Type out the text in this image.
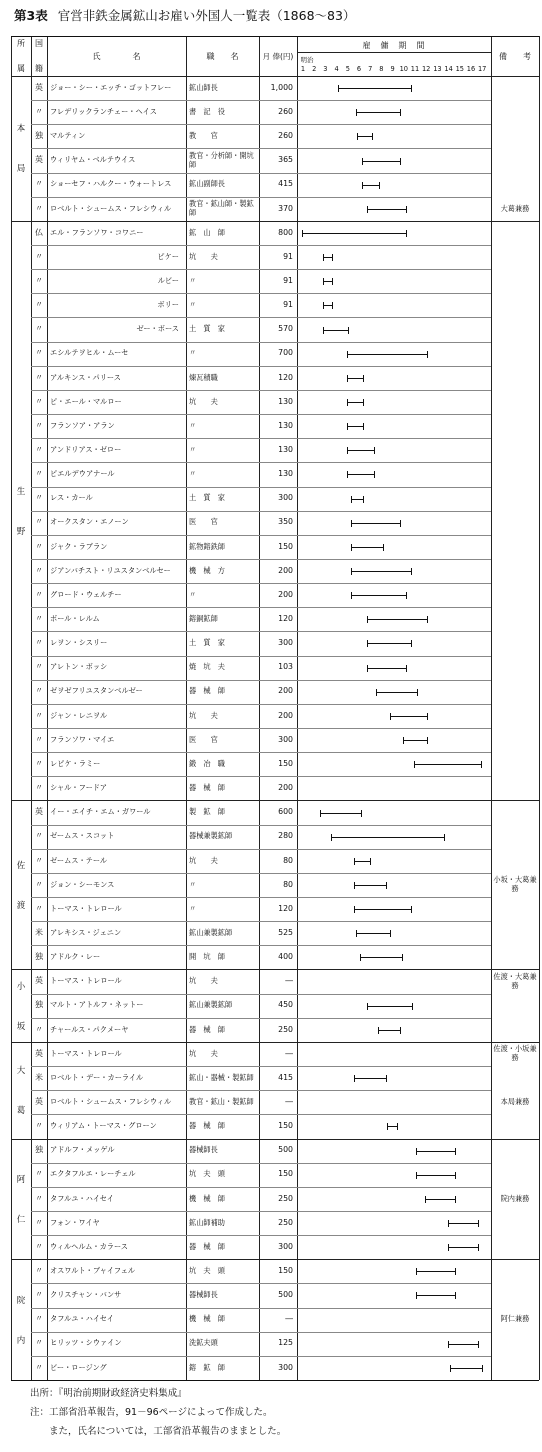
第3表 官営非鉄金属鉱山お雇い外国人一覧表（1868～83）
所
属
国
籍
氏　　　　名	職　　名	月 俸(円)
雇　傭　期　間
明治
1	2	3	4	5	6	7	8	9 10 11 12 13 14 15 16 17
備　　考
本
局
英 ジョー・シー・エッチ・ゴットフレー	鉱山師長	1,000
〃 フレデリックランチェー・ヘイス	書　記　役	260
独 マルティン	教　　官	260
英 ウィリヤム・ベルテウイス	教官・分析師・開坑師	365
〃 ショーセフ・ハルクー・ウォートレス	鉱山副師長	415
〃 ロベルト・シュームス・フレシウィル	教官・鉱山師・製鉱師	370	大葛兼務
生
野
仏 エル・フランソワ・コワニー	鉱　山　師	800
〃	ピケー	坑　　夫	91
〃	ルビー	〃	91
〃	ボリー	〃	91
〃	ゼー・ボース	土　質　家	570
〃 エシルテヲヒル・ムーセ	〃	700
〃 アルキンス・パリース	煉瓦積職	120
〃 ピ・エール・マルロー	坑　　夫	130
〃 フランソア・アラン	〃	130
〃 アンドリアス・ゼロー	〃	130
〃 ピエルデウアナール	〃	130
〃 レス・カール	土　質　家	300
〃 オークスタン・エノーン	医　　官	350
〃 ジャク・ラブラン	鉱物鎔鉄師	150
〃 ジアンバチスト・リユスタンベルセー	機　械　方	200
〃 グロード・ウェルチー	〃	200
〃 ボール・レルム	鎔銅鉱師	120
〃 レヲン・シスリー	土　質　家	300
〃 アレトン・ボッシ	焼　坑　夫	103
〃 ゼヲゼフリユスタンベルゼー	器　械　師	200
〃 ジャン・レニヲル	坑　　夫	200
〃 フランソワ・マイエ	医　　官	300
〃 レピケ・ラミー	鍛　冶　職	150
〃 シャル・フードア	器　械　師	200
佐
渡
英 イー・エイチ・エム・ガワール	製　鉱　師	600
〃 ゼームス・スコット	器械兼製鉱師	280
〃 ゼームス・テール	坑　　夫	80
〃 ジョン・シーモンス	〃	80	小坂・大葛兼務
〃 トーマス・トレロール	〃	120
米 アレキシス・ジェニン	鉱山兼製鉱師	525
独 アドルク・レー	開　坑　師	400
小
坂
英 トーマス・トレロール	坑　　夫	―	佐渡・大葛兼務
独 マルト・アトルフ・ネットー	鉱山兼製鉱師	450
〃 チャールス・パクメーヤ	器　械　師	250
大
葛
英 トーマス・トレロール	坑　　夫	―	佐渡・小坂兼務
米 ロベルト・デー・カーライル	鉱山・器械・製鉱師	415
英 ロベルト・シュームス・フレシウィル	教官・鉱山・製鉱師	―	本局兼務
〃 ウィリアム・トーマス・グローン	器　械　師	150
阿
仁
独 アドルフ・メッゲル	器械師長	500
〃 エクタフルエ・レーチェル	坑　夫　頭	150
〃 タフルユ・ハイセイ	機　械　師	250	院内兼務
〃 フォン・ワイヤ	鉱山師補助	250
〃 ウィルヘルム・カラース	器　械　師	300
院
内
〃 オスワルト・ブャイフェル	坑　夫　頭	150
〃 クリスチャン・バンサ	器械師長	500
〃 タフルユ・ハイセイ	機　械　師	―	阿仁兼務
〃 ヒリッツ・シウァイン	洗鉱夫頭	125
〃 ビー・ロージング	鎔　鉱　師	300
出所：『明治前期財政経済史料集成』
注：工部省沿革報告，91－96ページによって作成した。
　　また，氏名については，工部省沿革報告のままとした。
